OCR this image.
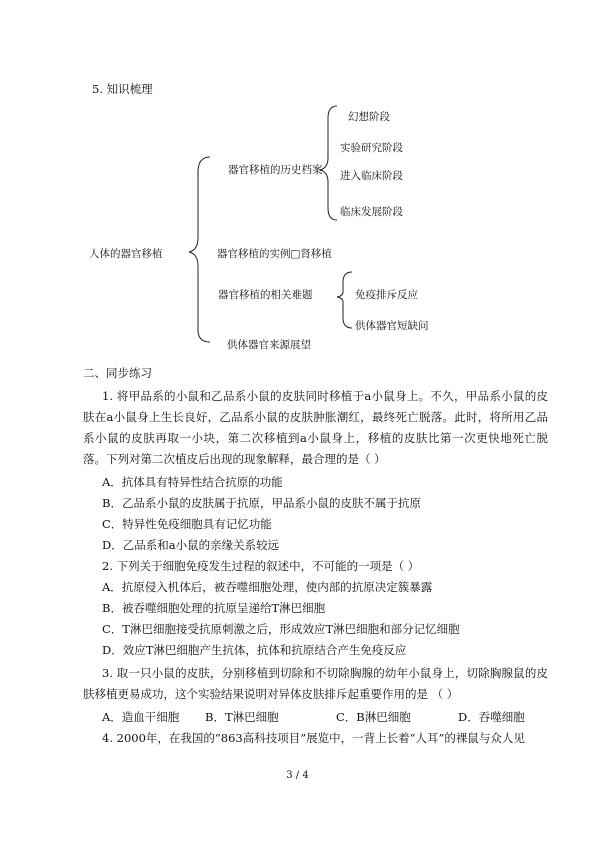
5. 知识梳理
人体的器官移植
器官移植的历史档案
幻想阶段
实验研究阶段
进入临床阶段
临床发展阶段
器官移植的实例□肾移植
器官移植的相关难题	免疫排斥反应
供体器官短缺问
供体器官来源展望
二、同步练习
1. 将甲品系的小鼠和乙品系小鼠的皮肤同时移植于a小鼠身上。不久，甲品系小鼠的皮肤在a小鼠身上生长良好，乙品系小鼠的皮肤肿胀潮红，最终死亡脱落。此时，将所用乙品系小鼠的皮肤再取一小块，第二次移植到a小鼠身上，移植的皮肤比第一次更快地死亡脱落。下列对第二次植皮后出现的现象解释，最合理的是（ ）
A．抗体具有特异性结合抗原的功能
B．乙品系小鼠的皮肤属于抗原，甲品系小鼠的皮肤不属于抗原
C．特异性免疫细胞具有记忆功能
D．乙品系和a小鼠的亲缘关系较远
2. 下列关于细胞免疫发生过程的叙述中，不可能的一项是（ ）
A．抗原侵入机体后，被吞噬细胞处理，使内部的抗原决定簇暴露
B．被吞噬细胞处理的抗原呈递给T淋巴细胞
C．T淋巴细胞接受抗原刺激之后，形成效应T淋巴细胞和部分记忆细胞
D．效应T淋巴细胞产生抗体，抗体和抗原结合产生免疫反应
3. 取一只小鼠的皮肤，分别移植到切除和不切除胸腺的幼年小鼠身上，切除胸腺鼠的皮肤移植更易成功，这个实验结果说明对异体皮肤排斥起重要作用的是 （ ）
A．造血干细胞 B．T淋巴细胞	C．B淋巴细胞	D．吞噬细胞
4. 2000年，在我国的“863高科技项目”展览中，一背上长着“人耳”的裸鼠与众人见
3 / 4
